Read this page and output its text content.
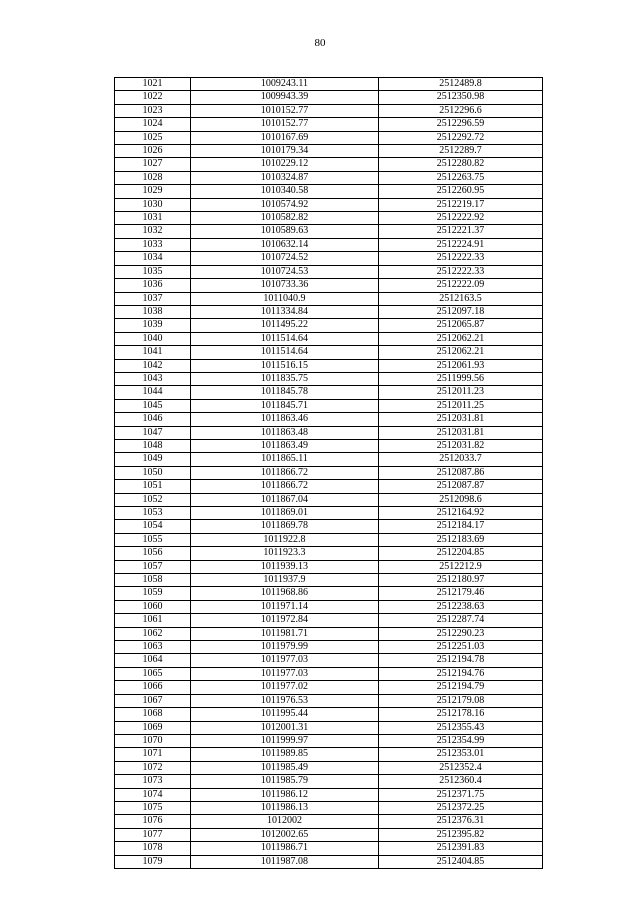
80
1021	1009243.11	2512489.8
1022	1009943.39	2512350.98
1023	1010152.77	2512296.6
1024	1010152.77	2512296.59
1025	1010167.69	2512292.72
1026	1010179.34	2512289.7
1027	1010229.12	2512280.82
1028	1010324.87	2512263.75
1029	1010340.58	2512260.95
1030	1010574.92	2512219.17
1031	1010582.82	2512222.92
1032	1010589.63	2512221.37
1033	1010632.14	2512224.91
1034	1010724.52	2512222.33
1035	1010724.53	2512222.33
1036	1010733.36	2512222.09
1037	1011040.9	2512163.5
1038	1011334.84	2512097.18
1039	1011495.22	2512065.87
1040	1011514.64	2512062.21
1041	1011514.64	2512062.21
1042	1011516.15	2512061.93
1043	1011835.75	2511999.56
1044	1011845.78	2512011.23
1045	1011845.71	2512011.25
1046	1011863.46	2512031.81
1047	1011863.48	2512031.81
1048	1011863.49	2512031.82
1049	1011865.11	2512033.7
1050	1011866.72	2512087.86
1051	1011866.72	2512087.87
1052	1011867.04	2512098.6
1053	1011869.01	2512164.92
1054	1011869.78	2512184.17
1055	1011922.8	2512183.69
1056	1011923.3	2512204.85
1057	1011939.13	2512212.9
1058	1011937.9	2512180.97
1059	1011968.86	2512179.46
1060	1011971.14	2512238.63
1061	1011972.84	2512287.74
1062	1011981.71	2512290.23
1063	1011979.99	2512251.03
1064	1011977.03	2512194.78
1065	1011977.03	2512194.76
1066	1011977.02	2512194.79
1067	1011976.53	2512179.08
1068	1011995.44	2512178.16
1069	1012001.31	2512355.43
1070	1011999.97	2512354.99
1071	1011989.85	2512353.01
1072	1011985.49	2512352.4
1073	1011985.79	2512360.4
1074	1011986.12	2512371.75
1075	1011986.13	2512372.25
1076	1012002	2512376.31
1077	1012002.65	2512395.82
1078	1011986.71	2512391.83
1079	1011987.08	2512404.85
